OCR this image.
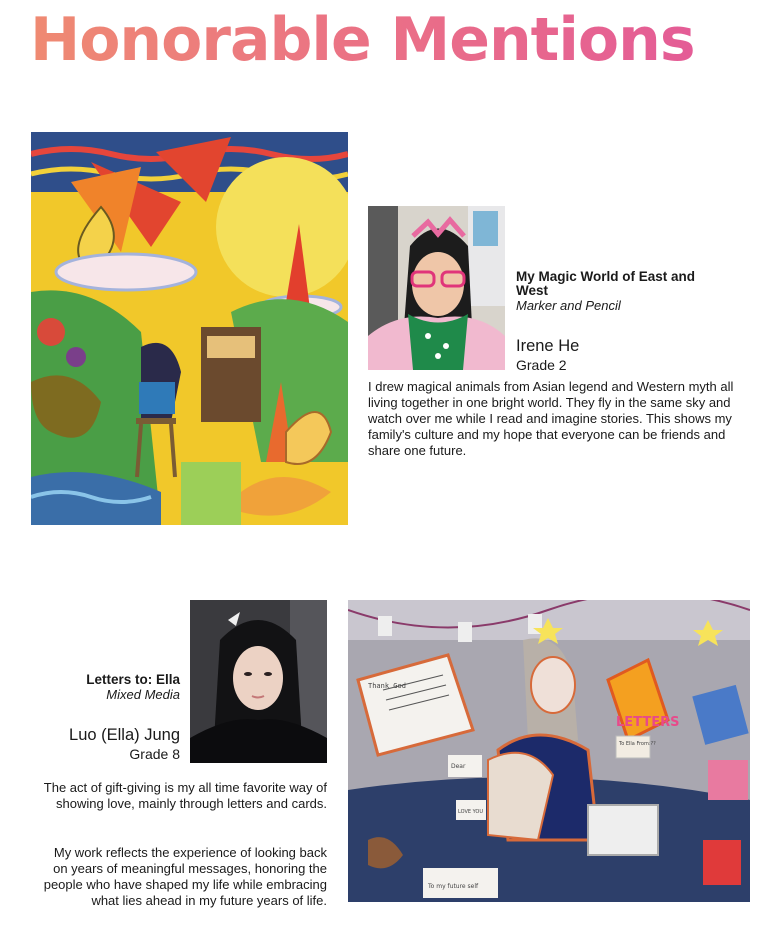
Honorable Mentions
My Magic World of East and West

Marker and Pencil

Irene He

Grade 2

I drew magical animals from Asian legend and Western myth all living together in one bright world. They fly in the same sky and watch over me while I read and imagine stories. This shows my family's culture and my hope that everyone can be friends and share one future.

Letters to: Ella

Mixed Media

Luo (Ella) Jung

Grade 8

The act of gift-giving is my all time favorite way of showing love, mainly through letters and cards.

My work reflects the experience of looking back on years of meaningful messages, honoring the people who have shaped my life while embracing what lies ahead in my future years of life.

Thank God
LETTERS
To Ella From:??
Dear
LOVE YOU
To my future self
